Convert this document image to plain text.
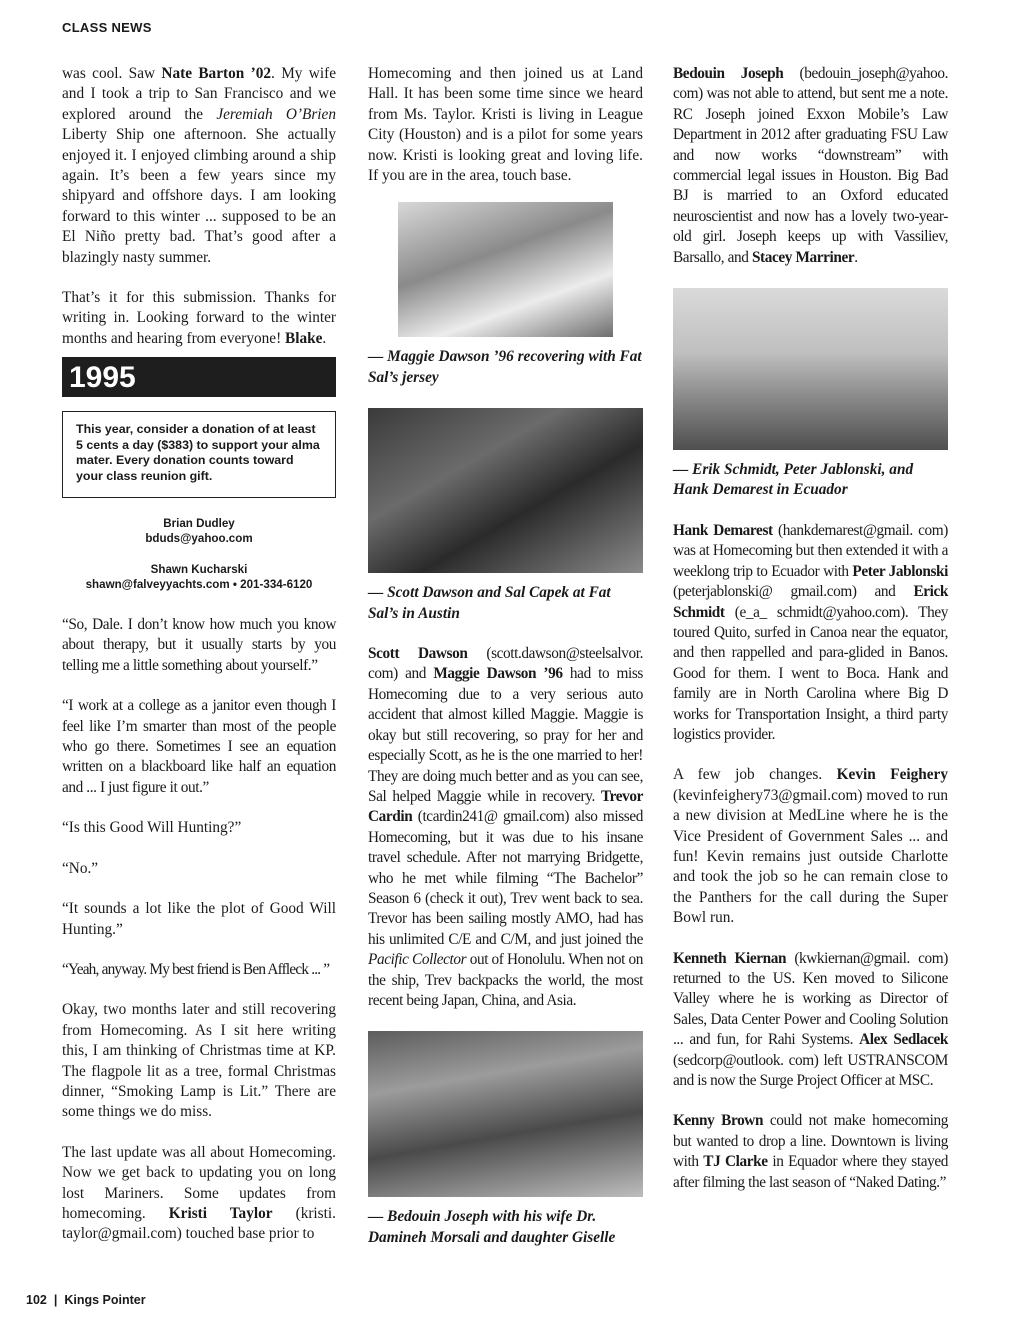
CLASS NEWS

was cool. Saw Nate Barton ’02. My wife and I took a trip to San Francisco and we explored around the Jeremiah O’Brien Liberty Ship one afternoon. She actually enjoyed it. I enjoyed climbing around a ship again. It’s been a few years since my shipyard and offshore days. I am looking forward to this winter ... supposed to be an El Niño pretty bad. That’s good after a blazingly nasty summer.

That’s it for this submission. Thanks for writing in. Looking forward to the winter months and hearing from everyone! Blake.

1995
This year, consider a donation of at least 5 cents a day ($383) to support your alma mater. Every donation counts toward your class reunion gift.
Brian Dudley
bduds@yahoo.com
Shawn Kucharski
shawn@falveyyachts.com • 201-334-6120

“So, Dale. I don’t know how much you know about therapy, but it usually starts by you telling me a little something about yourself.”

“I work at a college as a janitor even though I feel like I’m smarter than most of the people who go there. Sometimes I see an equation written on a blackboard like half an equation and ... I just figure it out.”

“Is this Good Will Hunting?”

“No.”

“It sounds a lot like the plot of Good Will Hunting.”

“Yeah, anyway. My best friend is Ben Affleck ... ”

Okay, two months later and still recovering from Homecoming. As I sit here writing this, I am thinking of Christmas time at KP. The flagpole lit as a tree, formal Christmas dinner, “Smoking Lamp is Lit.” There are some things we do miss.

The last update was all about Homecoming. Now we get back to updating you on long lost Mariners. Some updates from homecoming. Kristi Taylor (kristi. taylor@gmail.com) touched base prior to

Homecoming and then joined us at Land Hall. It has been some time since we heard from Ms. Taylor. Kristi is living in League City (Houston) and is a pilot for some years now. Kristi is looking great and loving life. If you are in the area, touch base.

— Maggie Dawson ’96 recovering with Fat Sal’s jersey
— Scott Dawson and Sal Capek at Fat Sal’s in Austin

Scott Dawson (scott.dawson@steelsalvor. com) and Maggie Dawson ’96 had to miss Homecoming due to a very serious auto accident that almost killed Maggie. Maggie is okay but still recovering, so pray for her and especially Scott, as he is the one married to her! They are doing much better and as you can see, Sal helped Maggie while in recovery. Trevor Cardin (tcardin241@ gmail.com) also missed Homecoming, but it was due to his insane travel schedule. After not marrying Bridgette, who he met while filming “The Bachelor” Season 6 (check it out), Trev went back to sea. Trevor has been sailing mostly AMO, had has his unlimited C/E and C/M, and just joined the Pacific Collector out of Honolulu. When not on the ship, Trev backpacks the world, the most recent being Japan, China, and Asia.

— Bedouin Joseph with his wife Dr. Damineh Morsali and daughter Giselle

Bedouin Joseph (bedouin_joseph@yahoo. com) was not able to attend, but sent me a note. RC Joseph joined Exxon Mobile’s Law Department in 2012 after graduating FSU Law and now works “downstream” with commercial legal issues in Houston. Big Bad BJ is married to an Oxford educated neuroscientist and now has a lovely two-year-old girl. Joseph keeps up with Vassiliev, Barsallo, and Stacey Marriner.

— Erik Schmidt, Peter Jablonski, and Hank Demarest in Ecuador

Hank Demarest (hankdemarest@gmail. com) was at Homecoming but then extended it with a weeklong trip to Ecuador with Peter Jablonski (peterjablonski@ gmail.com) and Erick Schmidt (e_a_ schmidt@yahoo.com). They toured Quito, surfed in Canoa near the equator, and then rappelled and para-glided in Banos. Good for them. I went to Boca. Hank and family are in North Carolina where Big D works for Transportation Insight, a third party logistics provider.

A few job changes. Kevin Feighery (kevinfeighery73@gmail.com) moved to run a new division at MedLine where he is the Vice President of Government Sales ... and fun! Kevin remains just outside Charlotte and took the job so he can remain close to the Panthers for the call during the Super Bowl run.

Kenneth Kiernan (kwkiernan@gmail. com) returned to the US. Ken moved to Silicone Valley where he is working as Director of Sales, Data Center Power and Cooling Solution ... and fun, for Rahi Systems. Alex Sedlacek (sedcorp@outlook. com) left USTRANSCOM and is now the Surge Project Officer at MSC.

Kenny Brown could not make homecoming but wanted to drop a line. Downtown is living with TJ Clarke in Equador where they stayed after filming the last season of “Naked Dating.”

102 | Kings Pointer
